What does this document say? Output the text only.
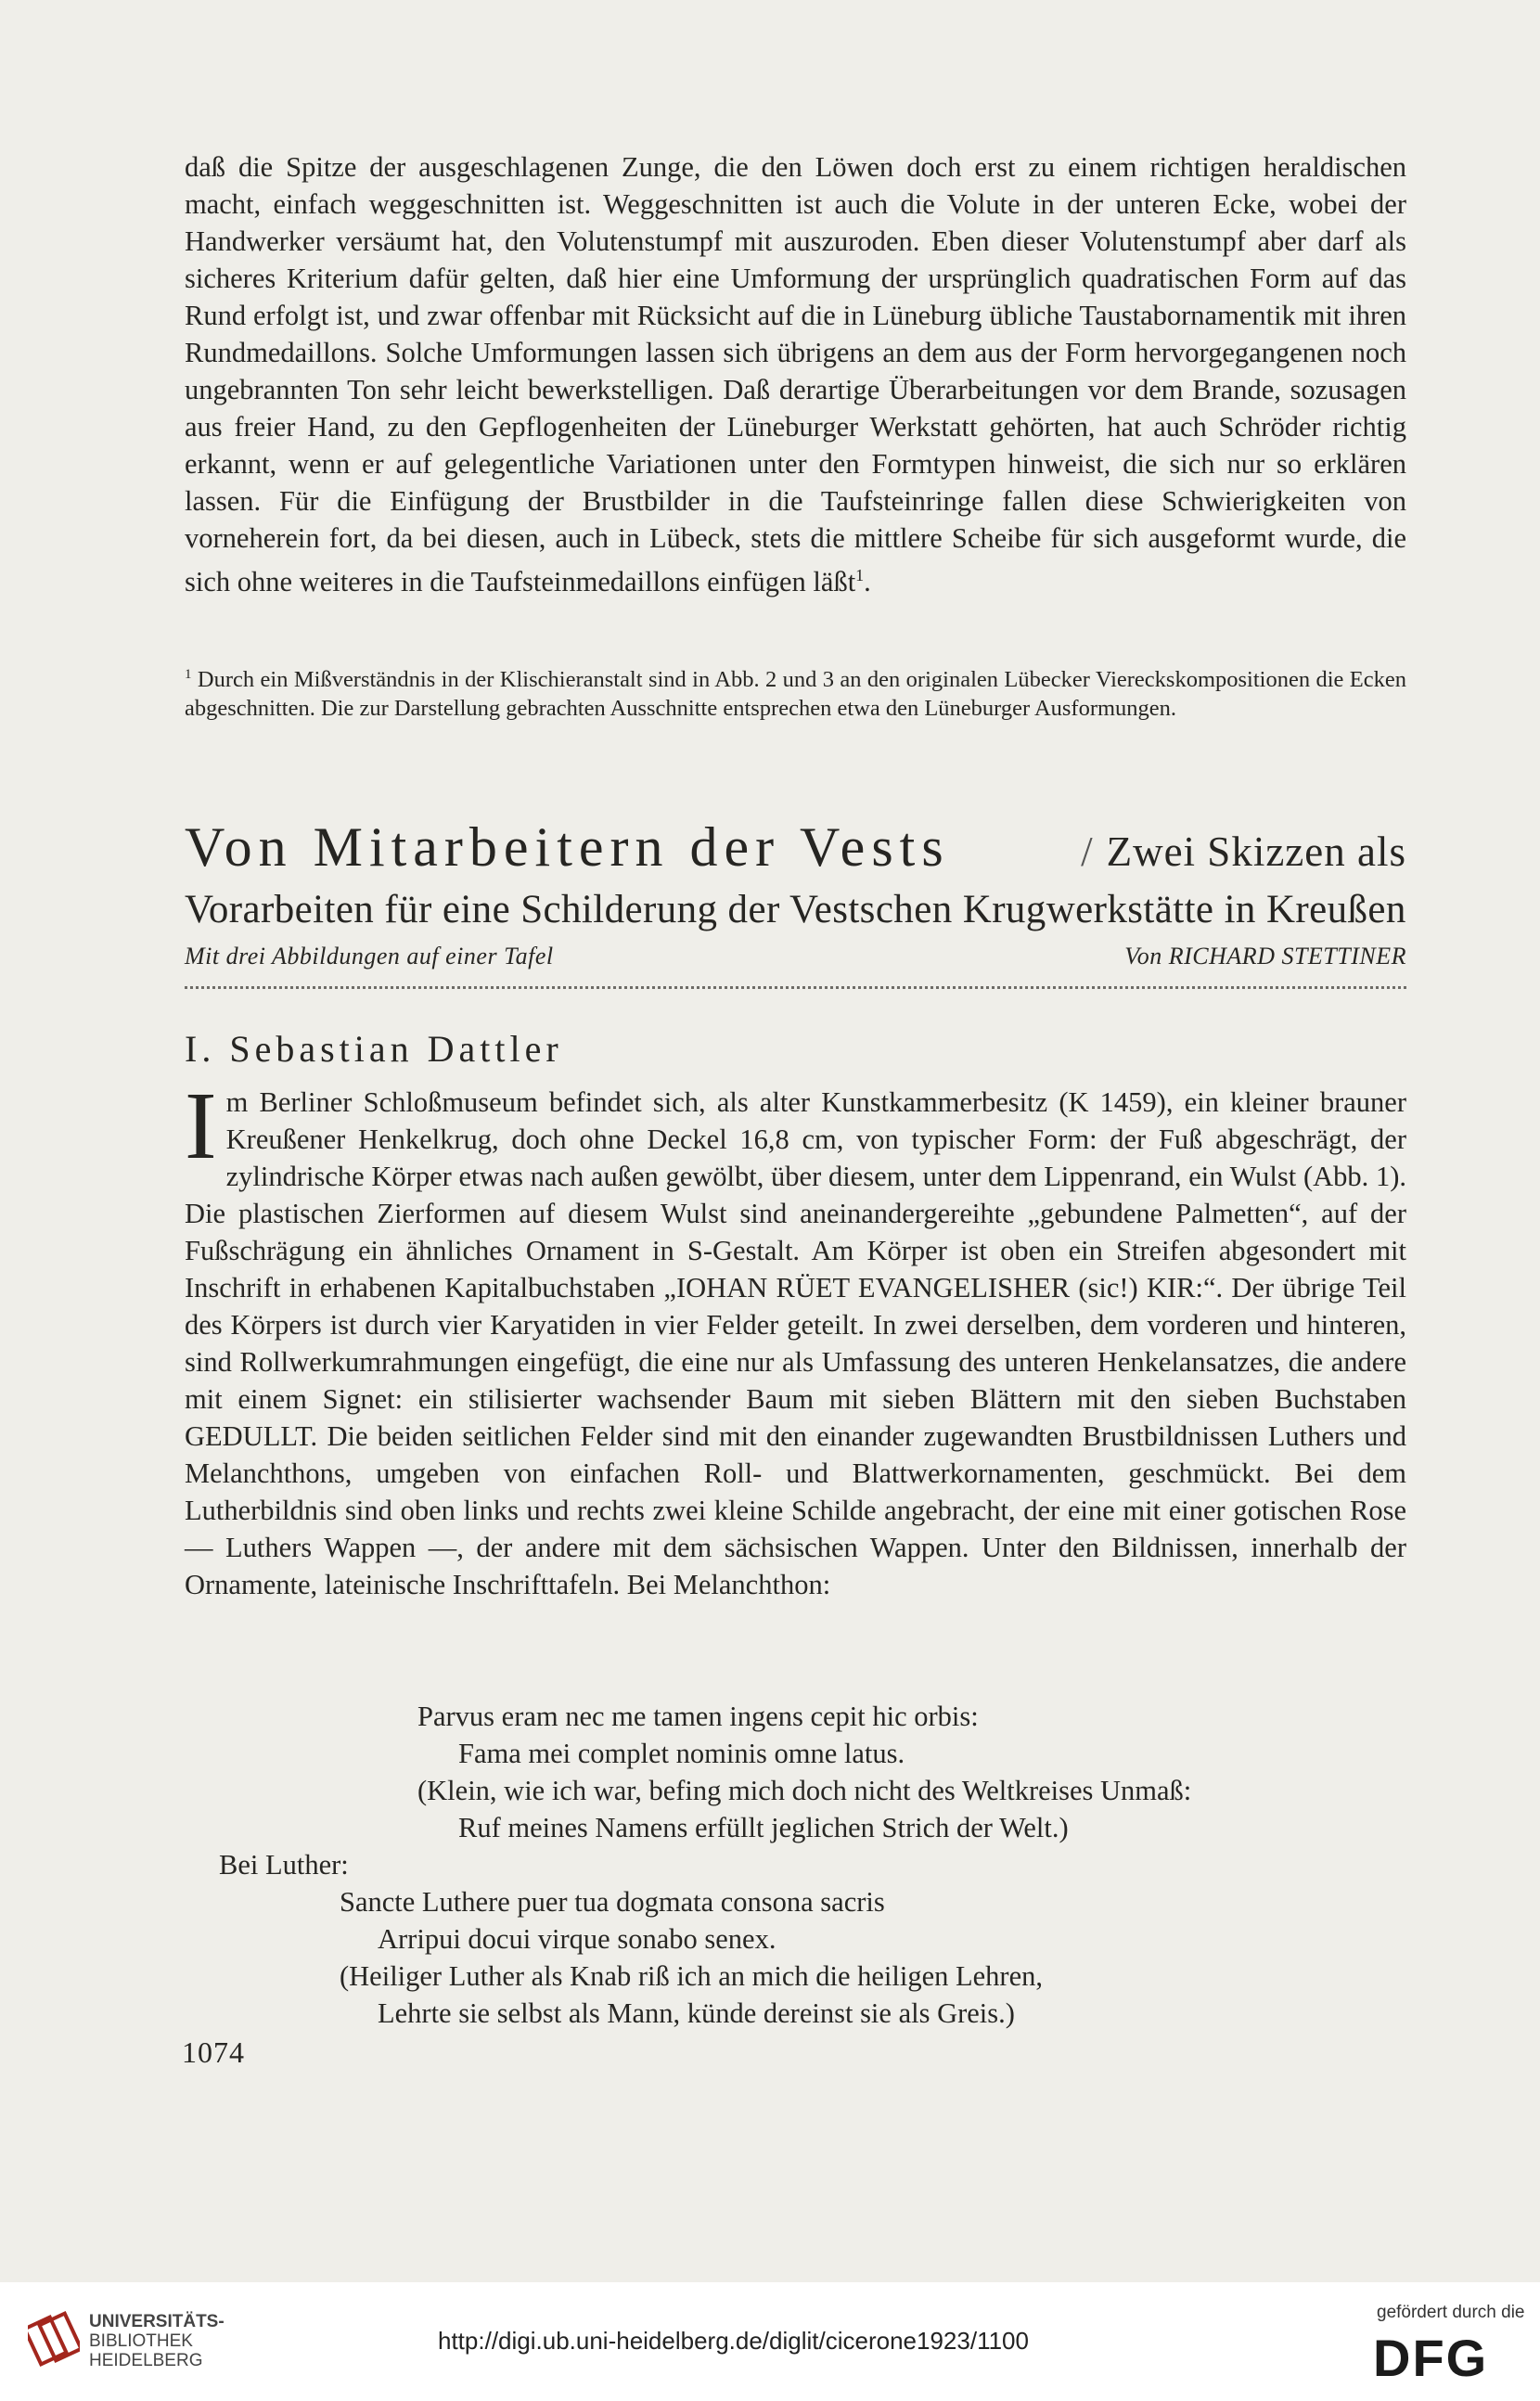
daß die Spitze der ausgeschlagenen Zunge, die den Löwen doch erst zu einem richtigen heraldischen macht, einfach weggeschnitten ist. Weggeschnitten ist auch die Volute in der unteren Ecke, wobei der Handwerker versäumt hat, den Volutenstumpf mit auszuroden. Eben dieser Volutenstumpf aber darf als sicheres Kriterium dafür gelten, daß hier eine Umformung der ursprünglich quadratischen Form auf das Rund erfolgt ist, und zwar offenbar mit Rücksicht auf die in Lüneburg übliche Taustabornamentik mit ihren Rundmedaillons. Solche Umformungen lassen sich übrigens an dem aus der Form hervorgegangenen noch ungebrannten Ton sehr leicht bewerkstelligen. Daß derartige Überarbeitungen vor dem Brande, sozusagen aus freier Hand, zu den Gepflogenheiten der Lüneburger Werkstatt gehörten, hat auch Schröder richtig erkannt, wenn er auf gelegentliche Variationen unter den Formtypen hinweist, die sich nur so erklären lassen. Für die Einfügung der Brustbilder in die Taufsteinringe fallen diese Schwierigkeiten von vorneherein fort, da bei diesen, auch in Lübeck, stets die mittlere Scheibe für sich ausgeformt wurde, die sich ohne weiteres in die Taufsteinmedaillons einfügen läßt$^1$.

$^1$ Durch ein Mißverständnis in der Klischieranstalt sind in Abb. 2 und 3 an den originalen Lübecker Viereckskompositionen die Ecken abgeschnitten. Die zur Darstellung gebrachten Ausschnitte entsprechen etwa den Lüneburger Ausformungen.
Von Mitarbeitern der Vests	/ Zwei Skizzen als
Vorarbeiten für eine Schilderung der Vestschen Krugwerkstätte in Kreußen
Mit drei Abbildungen auf einer Tafel	Von RICHARD STETTINER
I. Sebastian Dattler

Im Berliner Schloßmuseum befindet sich, als alter Kunstkammerbesitz (K 1459), ein kleiner brauner Kreußener Henkelkrug, doch ohne Deckel 16,8 cm, von typischer Form: der Fuß abgeschrägt, der zylindrische Körper etwas nach außen gewölbt, über diesem, unter dem Lippenrand, ein Wulst (Abb. 1). Die plastischen Zierformen auf diesem Wulst sind aneinandergereihte „gebundene Palmetten“, auf der Fußschrägung ein ähnliches Ornament in S-Gestalt. Am Körper ist oben ein Streifen abgesondert mit Inschrift in erhabenen Kapitalbuchstaben „IOHAN RÜET EVANGELISHER (sic!) KIR:“. Der übrige Teil des Körpers ist durch vier Karyatiden in vier Felder geteilt. In zwei derselben, dem vorderen und hinteren, sind Rollwerkumrahmungen eingefügt, die eine nur als Umfassung des unteren Henkelansatzes, die andere mit einem Signet: ein stilisierter wachsender Baum mit sieben Blättern mit den sieben Buchstaben GEDULLT. Die beiden seitlichen Felder sind mit den einander zugewandten Brustbildnissen Luthers und Melanchthons, umgeben von einfachen Roll- und Blattwerkornamenten, geschmückt. Bei dem Lutherbildnis sind oben links und rechts zwei kleine Schilde angebracht, der eine mit einer gotischen Rose — Luthers Wappen —, der andere mit dem sächsischen Wappen. Unter den Bildnissen, innerhalb der Ornamente, lateinische Inschrifttafeln. Bei Melanchthon:

Parvus eram nec me tamen ingens cepit hic orbis:
Fama mei complet nominis omne latus.
(Klein, wie ich war, befing mich doch nicht des Weltkreises Unmaß:
Ruf meines Namens erfüllt jeglichen Strich der Welt.)
Bei Luther:
Sancte Luthere puer tua dogmata consona sacris
Arripui docui virque sonabo senex.
(Heiliger Luther als Knab riß ich an mich die heiligen Lehren,
Lehrte sie selbst als Mann, künde dereinst sie als Greis.)
1074
UNIVERSITÄTS-
BIBLIOTHEK
HEIDELBERG
http://digi.ub.uni-heidelberg.de/diglit/cicerone1923/1100
gefördert durch die
DFG
